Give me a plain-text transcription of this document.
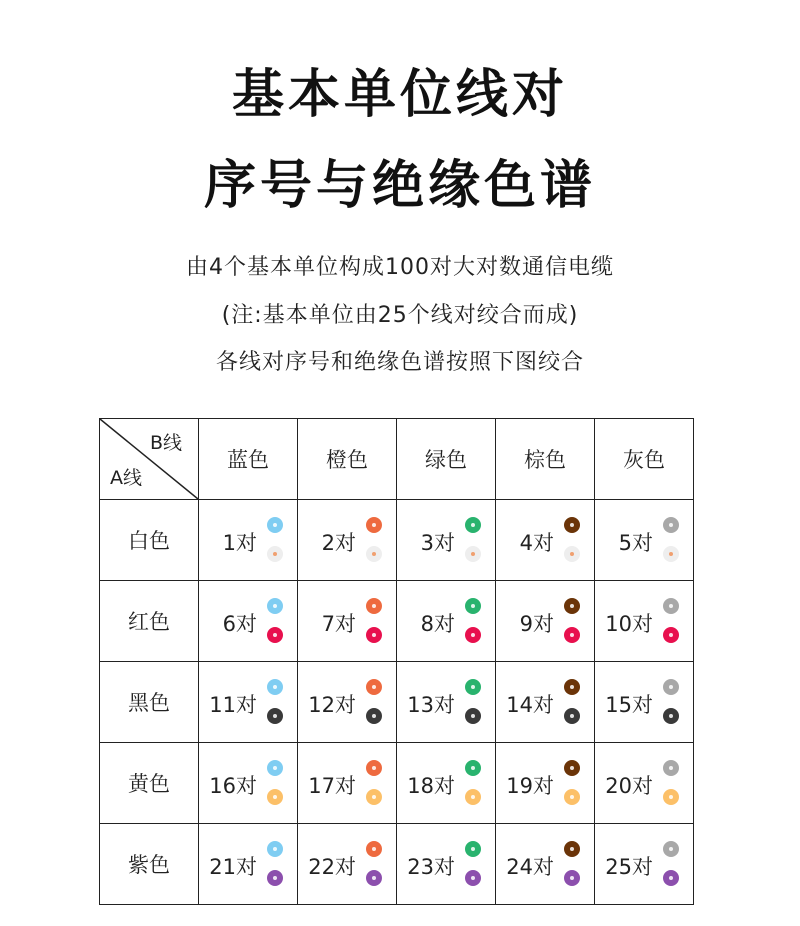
基本单位线对
序号与绝缘色谱
由4个基本单位构成100对大对数通信电缆
(注:基本单位由25个线对绞合而成)
各线对序号和绝缘色谱按照下图绞合
B线
A线	蓝色	橙色	绿色	棕色	灰色
白色	1对	2对	3对	4对	5对

红色	6对	7对	8对	9对	10对

黑色	11对	12对	13对	14对	15对

黄色	16对	17对	18对	19对	20对

紫色	21对	22对	23对	24对	25对
